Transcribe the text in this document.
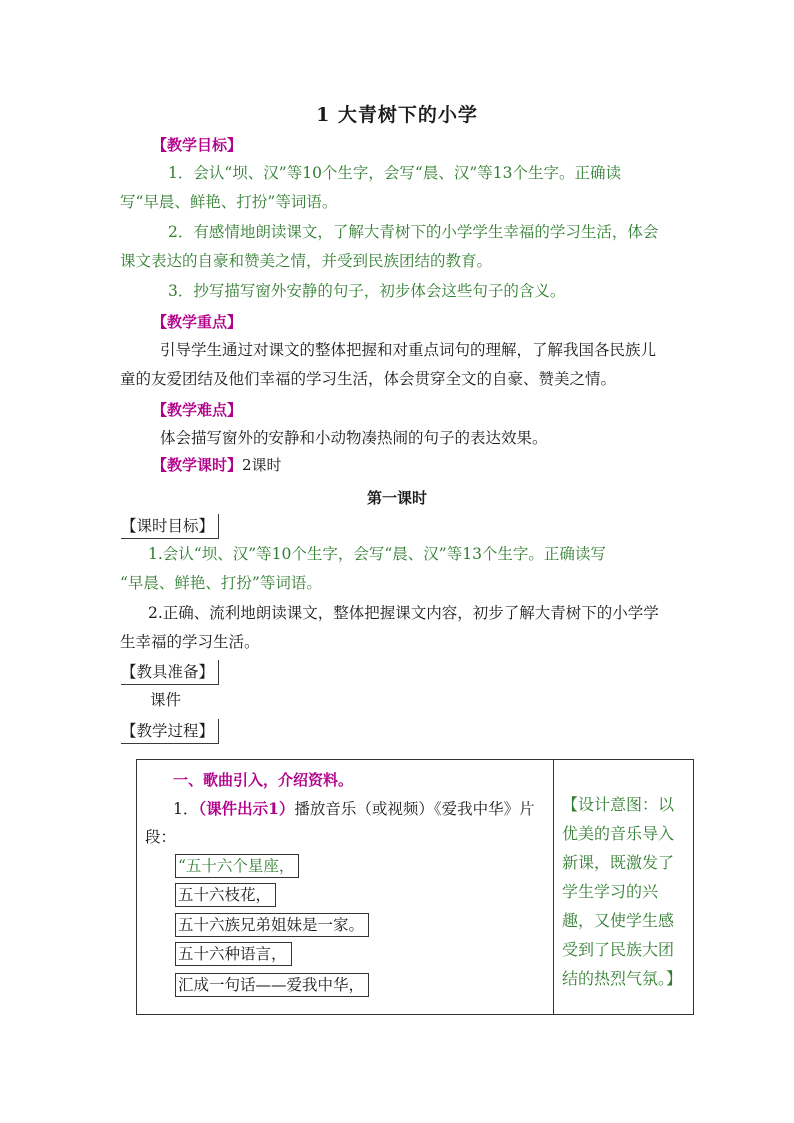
1 大青树下的小学
【教学目标】
1．会认“坝、汉”等10个生字，会写“晨、汉”等13个生字。正确读
写“早晨、鲜艳、打扮”等词语。
2．有感情地朗读课文，了解大青树下的小学学生幸福的学习生活，体会
课文表达的自豪和赞美之情，并受到民族团结的教育。
3．抄写描写窗外安静的句子，初步体会这些句子的含义。
【教学重点】
引导学生通过对课文的整体把握和对重点词句的理解，了解我国各民族儿
童的友爱团结及他们幸福的学习生活，体会贯穿全文的自豪、赞美之情。
【教学难点】
体会描写窗外的安静和小动物凑热闹的句子的表达效果。
【教学课时】2课时
第一课时
【课时目标】
1.会认“坝、汉”等10个生字，会写“晨、汉”等13个生字。正确读写
“早晨、鲜艳、打扮”等词语。
2.正确、流利地朗读课文，整体把握课文内容，初步了解大青树下的小学学
生幸福的学习生活。
【教具准备】
课件
【教学过程】
一、歌曲引入，介绍资料。
1．（课件出示1）播放音乐（或视频）《爱我中华》片
段：
“五十六个星座，
五十六枝花，
五十六族兄弟姐妹是一家。
五十六种语言，
汇成一句话——爱我中华，

【设计意图：以优美的音乐导入新课，既激发了学生学习的兴趣，又使学生感受到了民族大团结的热烈气氛。】
